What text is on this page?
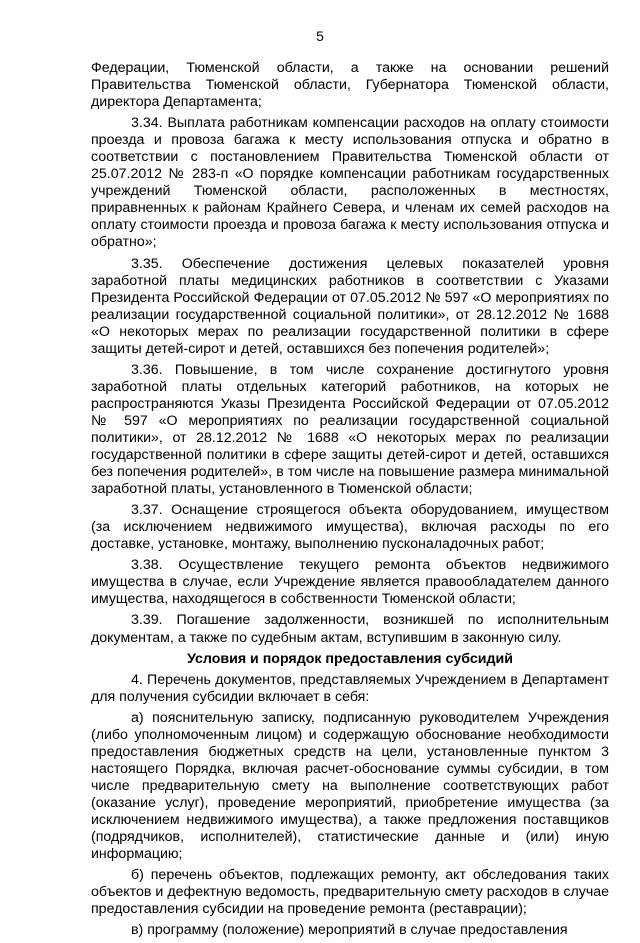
5

Федерации, Тюменской области, а также на основании решений Правительства Тюменской области, Губернатора Тюменской области, директора Департамента;

3.34. Выплата работникам компенсации расходов на оплату стоимости проезда и провоза багажа к месту использования отпуска и обратно в соответствии с постановлением Правительства Тюменской области от 25.07.2012 № 283-п «О порядке компенсации работникам государственных учреждений Тюменской области, расположенных в местностях, приравненных к районам Крайнего Севера, и членам их семей расходов на оплату стоимости проезда и провоза багажа к месту использования отпуска и обратно»;

3.35. Обеспечение достижения целевых показателей уровня заработной платы медицинских работников в соответствии с Указами Президента Российской Федерации от 07.05.2012 № 597 «О мероприятиях по реализации государственной социальной политики», от 28.12.2012 № 1688 «О некоторых мерах по реализации государственной политики в сфере защиты детей-сирот и детей, оставшихся без попечения родителей»;

3.36. Повышение, в том числе сохранение достигнутого уровня заработной платы отдельных категорий работников, на которых не распространяются Указы Президента Российской Федерации от 07.05.2012 № 597 «О мероприятиях по реализации государственной социальной политики», от 28.12.2012 № 1688 «О некоторых мерах по реализации государственной политики в сфере защиты детей-сирот и детей, оставшихся без попечения родителей», в том числе на повышение размера минимальной заработной платы, установленного в Тюменской области;

3.37. Оснащение строящегося объекта оборудованием, имуществом (за исключением недвижимого имущества), включая расходы по его доставке, установке, монтажу, выполнению пусконаладочных работ;

3.38. Осуществление текущего ремонта объектов недвижимого имущества в случае, если Учреждение является правообладателем данного имущества, находящегося в собственности Тюменской области;

3.39. Погашение задолженности, возникшей по исполнительным документам, а также по судебным актам, вступившим в законную силу.

Условия и порядок предоставления субсидий

4. Перечень документов, представляемых Учреждением в Департамент для получения субсидии включает в себя:

а) пояснительную записку, подписанную руководителем Учреждения (либо уполномоченным лицом) и содержащую обоснование необходимости предоставления бюджетных средств на цели, установленные пунктом 3 настоящего Порядка, включая расчет-обоснование суммы субсидии, в том числе предварительную смету на выполнение соответствующих работ (оказание услуг), проведение мероприятий, приобретение имущества (за исключением недвижимого имущества), а также предложения поставщиков (подрядчиков, исполнителей), статистические данные и (или) иную информацию;

б) перечень объектов, подлежащих ремонту, акт обследования таких объектов и дефектную ведомость, предварительную смету расходов в случае предоставления субсидии на проведение ремонта (реставрации);

в) программу (положение) мероприятий в случае предоставления
